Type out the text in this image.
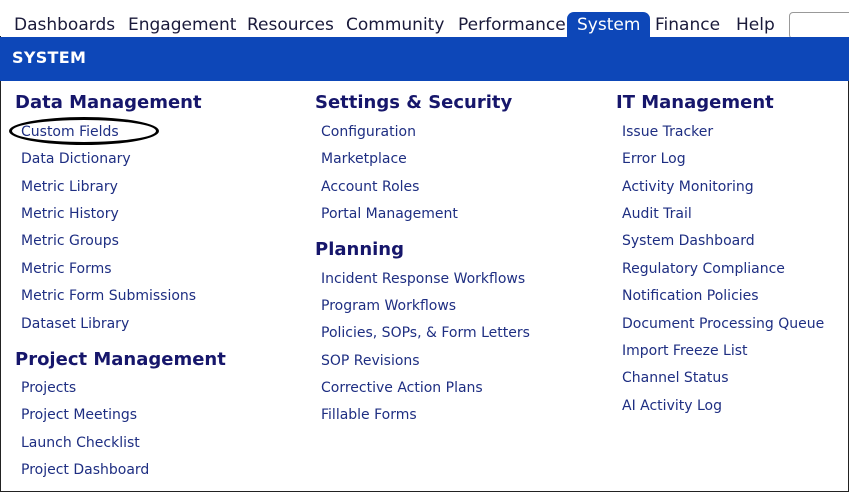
Dashboards Engagement Resources Community Performance System Finance Help
SYSTEM
Data Management
Custom Fields
Data Dictionary
Metric Library
Metric History
Metric Groups
Metric Forms
Metric Form Submissions
Dataset Library
Project Management
Projects
Project Meetings
Launch Checklist
Project Dashboard
Settings & Security
Configuration
Marketplace
Account Roles
Portal Management
Planning
Incident Response Workflows
Program Workflows
Policies, SOPs, & Form Letters
SOP Revisions
Corrective Action Plans
Fillable Forms
IT Management
Issue Tracker
Error Log
Activity Monitoring
Audit Trail
System Dashboard
Regulatory Compliance
Notification Policies
Document Processing Queue
Import Freeze List
Channel Status
AI Activity Log
